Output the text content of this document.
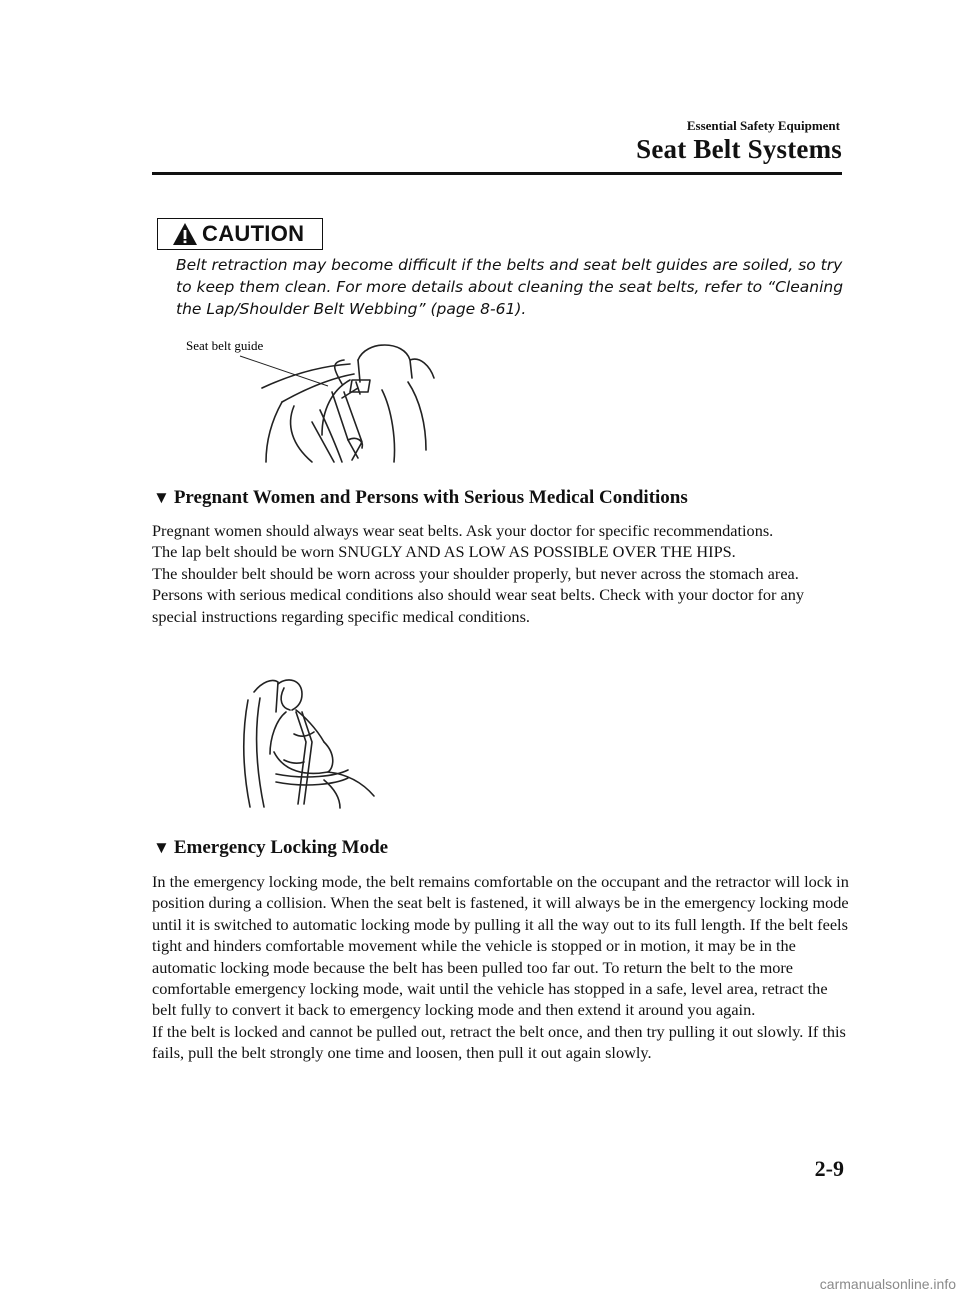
Essential Safety Equipment
Seat Belt Systems
CAUTION

Belt retraction may become difficult if the belts and seat belt guides are soiled, so try to keep them clean. For more details about cleaning the seat belts, refer to “Cleaning the Lap/Shoulder Belt Webbing” (page 8-61).

Seat belt guide
▼ Pregnant Women and Persons with Serious Medical Conditions
Pregnant women should always wear seat belts. Ask your doctor for specific recommendations.
The lap belt should be worn SNUGLY AND AS LOW AS POSSIBLE OVER THE HIPS.
The shoulder belt should be worn across your shoulder properly, but never across the stomach area.
Persons with serious medical conditions also should wear seat belts. Check with your doctor for any special instructions regarding specific medical conditions.
▼ Emergency Locking Mode
In the emergency locking mode, the belt remains comfortable on the occupant and the retractor will lock in position during a collision. When the seat belt is fastened, it will always be in the emergency locking mode until it is switched to automatic locking mode by pulling it all the way out to its full length. If the belt feels tight and hinders comfortable movement while the vehicle is stopped or in motion, it may be in the automatic locking mode because the belt has been pulled too far out. To return the belt to the more comfortable emergency locking mode, wait until the vehicle has stopped in a safe, level area, retract the belt fully to convert it back to emergency locking mode and then extend it around you again.
If the belt is locked and cannot be pulled out, retract the belt once, and then try pulling it out slowly. If this fails, pull the belt strongly one time and loosen, then pull it out again slowly.
2-9
carmanualsonline.info
